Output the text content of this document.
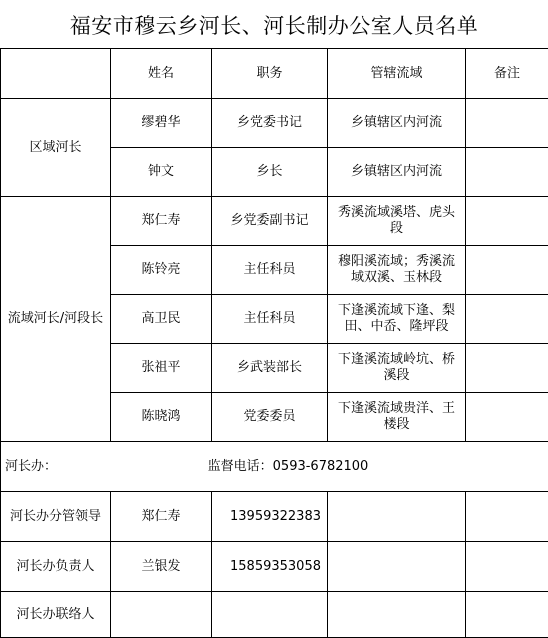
福安市穆云乡河长、河长制办公室人员名单
	姓名	职务	管辖流域	备注
区域河长	缪碧华	乡党委书记	乡镇辖区内河流	
	钟文	乡长	乡镇辖区内河流	
流域河长/河段长	郑仁寿	乡党委副书记	秀溪流域溪塔、虎头段	
	陈铃亮	主任科员	穆阳溪流域；秀溪流域双溪、玉林段	
	高卫民	主任科员	下逢溪流域下逢、梨田、中岙、隆坪段	
	张祖平	乡武装部长	下逢溪流域岭坑、桥溪段	
	陈晓鸿	党委委员	下逢溪流域贵洋、王楼段	
河长办：	监督电话：0593-6782100			
河长办分管领导	郑仁寿	13959322383		
河长办负责人	兰银发	15859353058		
河长办联络人				
